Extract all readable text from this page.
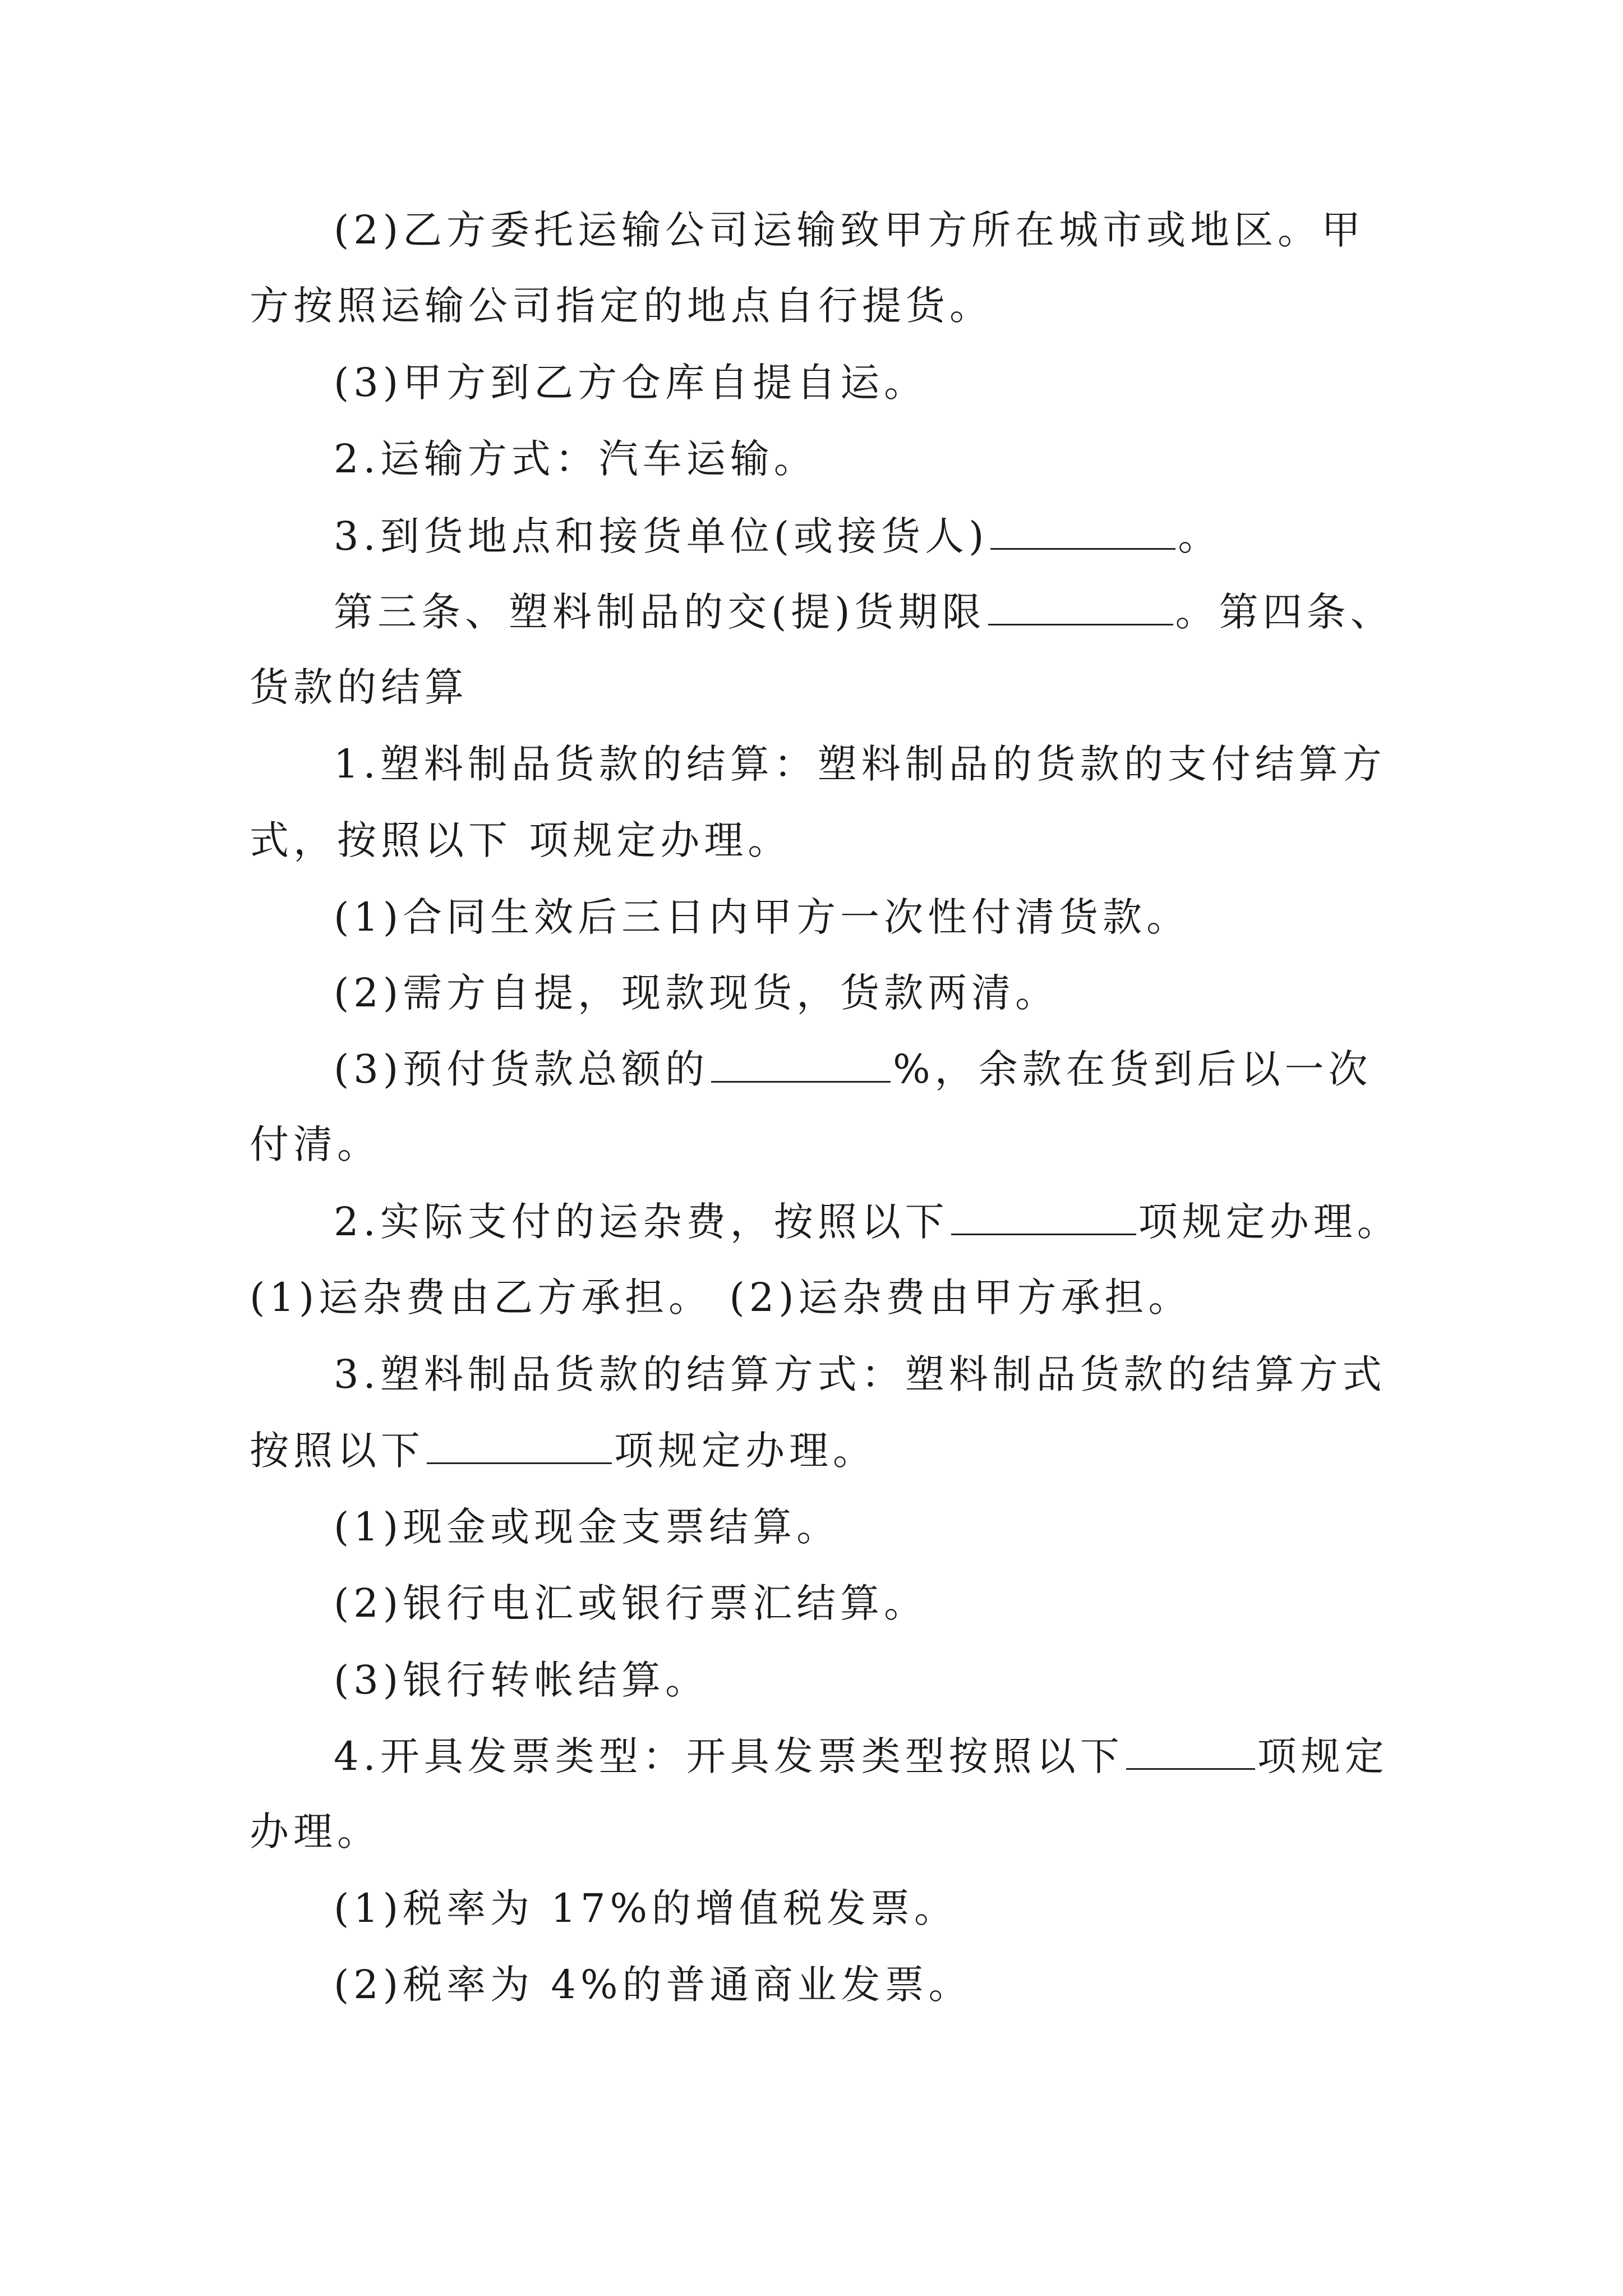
(2)乙方委托运输公司运输致甲方所在城市或地区。甲
方按照运输公司指定的地点自行提货。
(3)甲方到乙方仓库自提自运。
2.运输方式：汽车运输。
3.到货地点和接货单位(或接货人)	。
第三条、塑料制品的交(提)货期限	。第四条、
货款的结算
1.塑料制品货款的结算：塑料制品的货款的支付结算方
式，按照以下 项规定办理。
(1)合同生效后三日内甲方一次性付清货款。
(2)需方自提，现款现货，货款两清。
(3)预付货款总额的	%，余款在货到后以一次
付清。
2.实际支付的运杂费，按照以下	项规定办理。
(1)运杂费由乙方承担。 (2)运杂费由甲方承担。
3.塑料制品货款的结算方式：塑料制品货款的结算方式
按照以下	项规定办理。
(1)现金或现金支票结算。
(2)银行电汇或银行票汇结算。
(3)银行转帐结算。
4.开具发票类型：开具发票类型按照以下	项规定
办理。
(1)税率为 17%的增值税发票。
(2)税率为 4%的普通商业发票。
